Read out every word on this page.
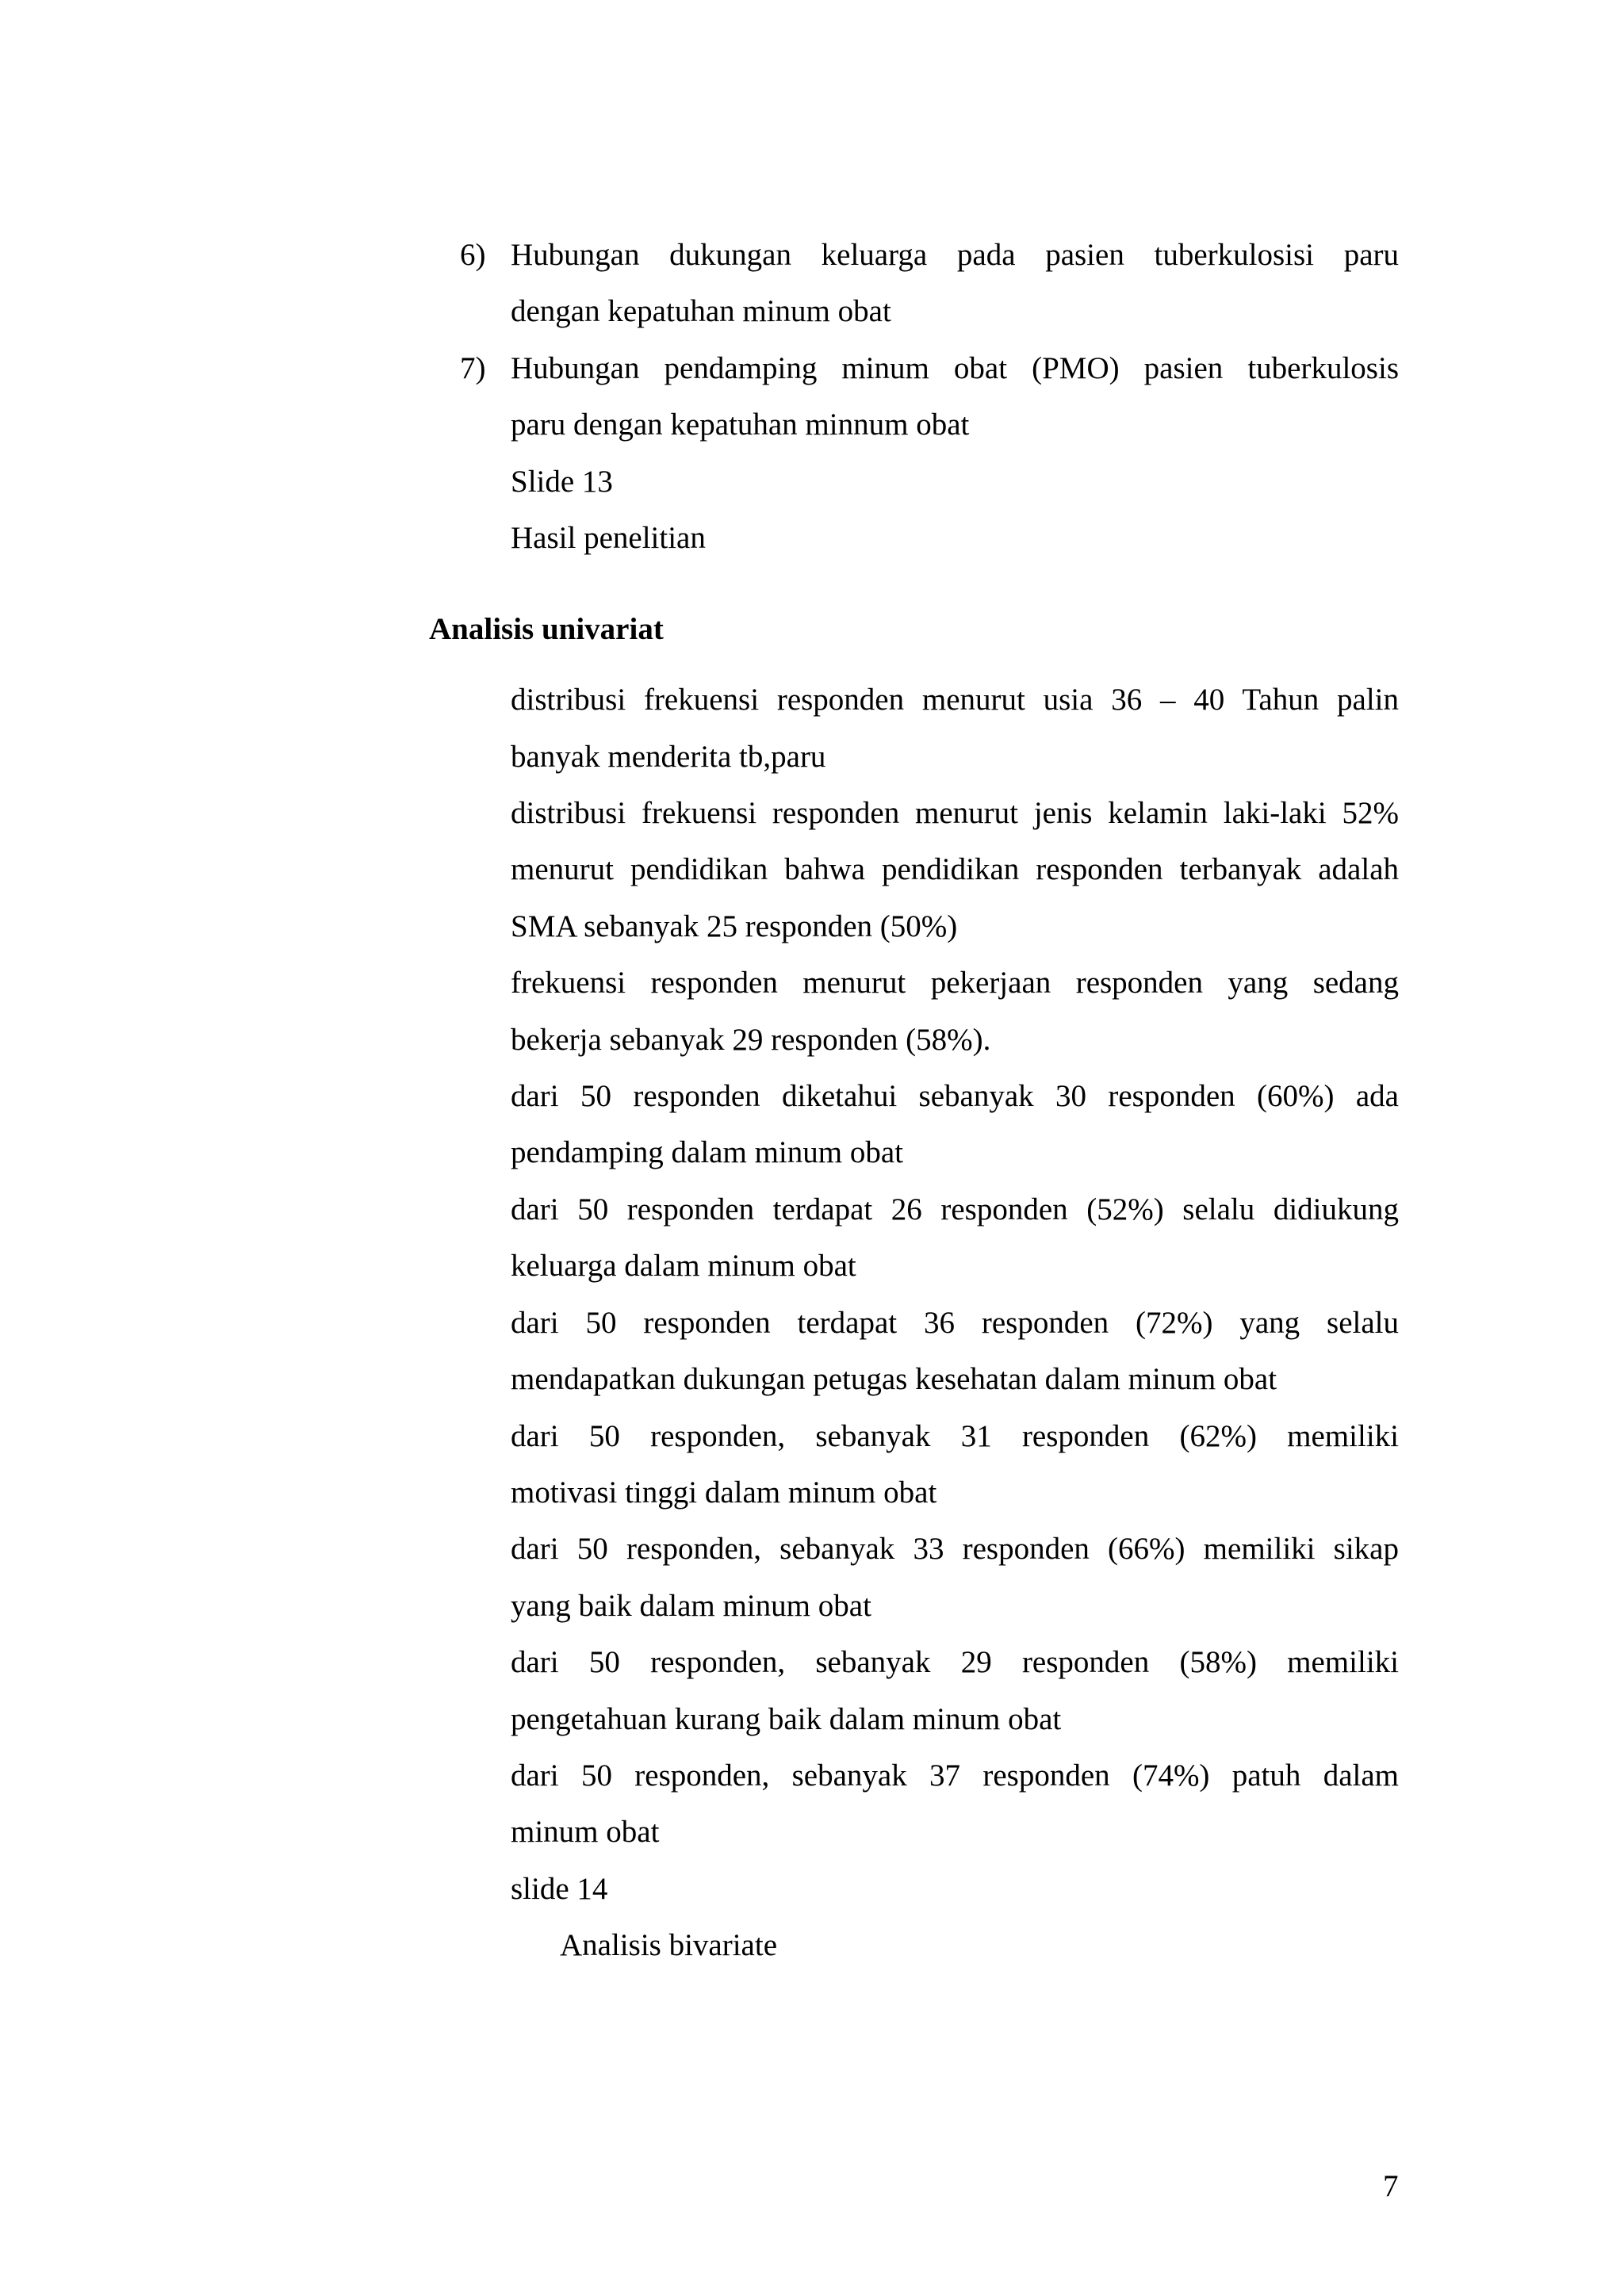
6) Hubungan dukungan keluarga pada pasien tuberkulosisi paru
dengan kepatuhan minum obat
7) Hubungan pendamping minum obat (PMO) pasien tuberkulosis
paru dengan kepatuhan minnum obat
Slide 13
Hasil penelitian
Analisis univariat
distribusi frekuensi responden menurut usia 36 – 40 Tahun palin
banyak menderita tb,paru
distribusi frekuensi responden menurut jenis kelamin laki-laki 52%
menurut pendidikan bahwa pendidikan responden terbanyak adalah
SMA sebanyak 25 responden (50%)
frekuensi responden menurut pekerjaan responden yang sedang
bekerja sebanyak 29 responden (58%).
dari 50 responden diketahui sebanyak 30 responden (60%) ada
pendamping dalam minum obat
dari 50 responden terdapat 26 responden (52%) selalu didiukung
keluarga dalam minum obat
dari 50 responden terdapat 36 responden (72%) yang selalu
mendapatkan dukungan petugas kesehatan dalam minum obat
dari 50 responden, sebanyak 31 responden (62%) memiliki
motivasi tinggi dalam minum obat
dari 50 responden, sebanyak 33 responden (66%) memiliki sikap
yang baik dalam minum obat
dari 50 responden, sebanyak 29 responden (58%) memiliki
pengetahuan kurang baik dalam minum obat
dari 50 responden, sebanyak 37 responden (74%) patuh dalam
minum obat
slide 14
Analisis bivariate
7
